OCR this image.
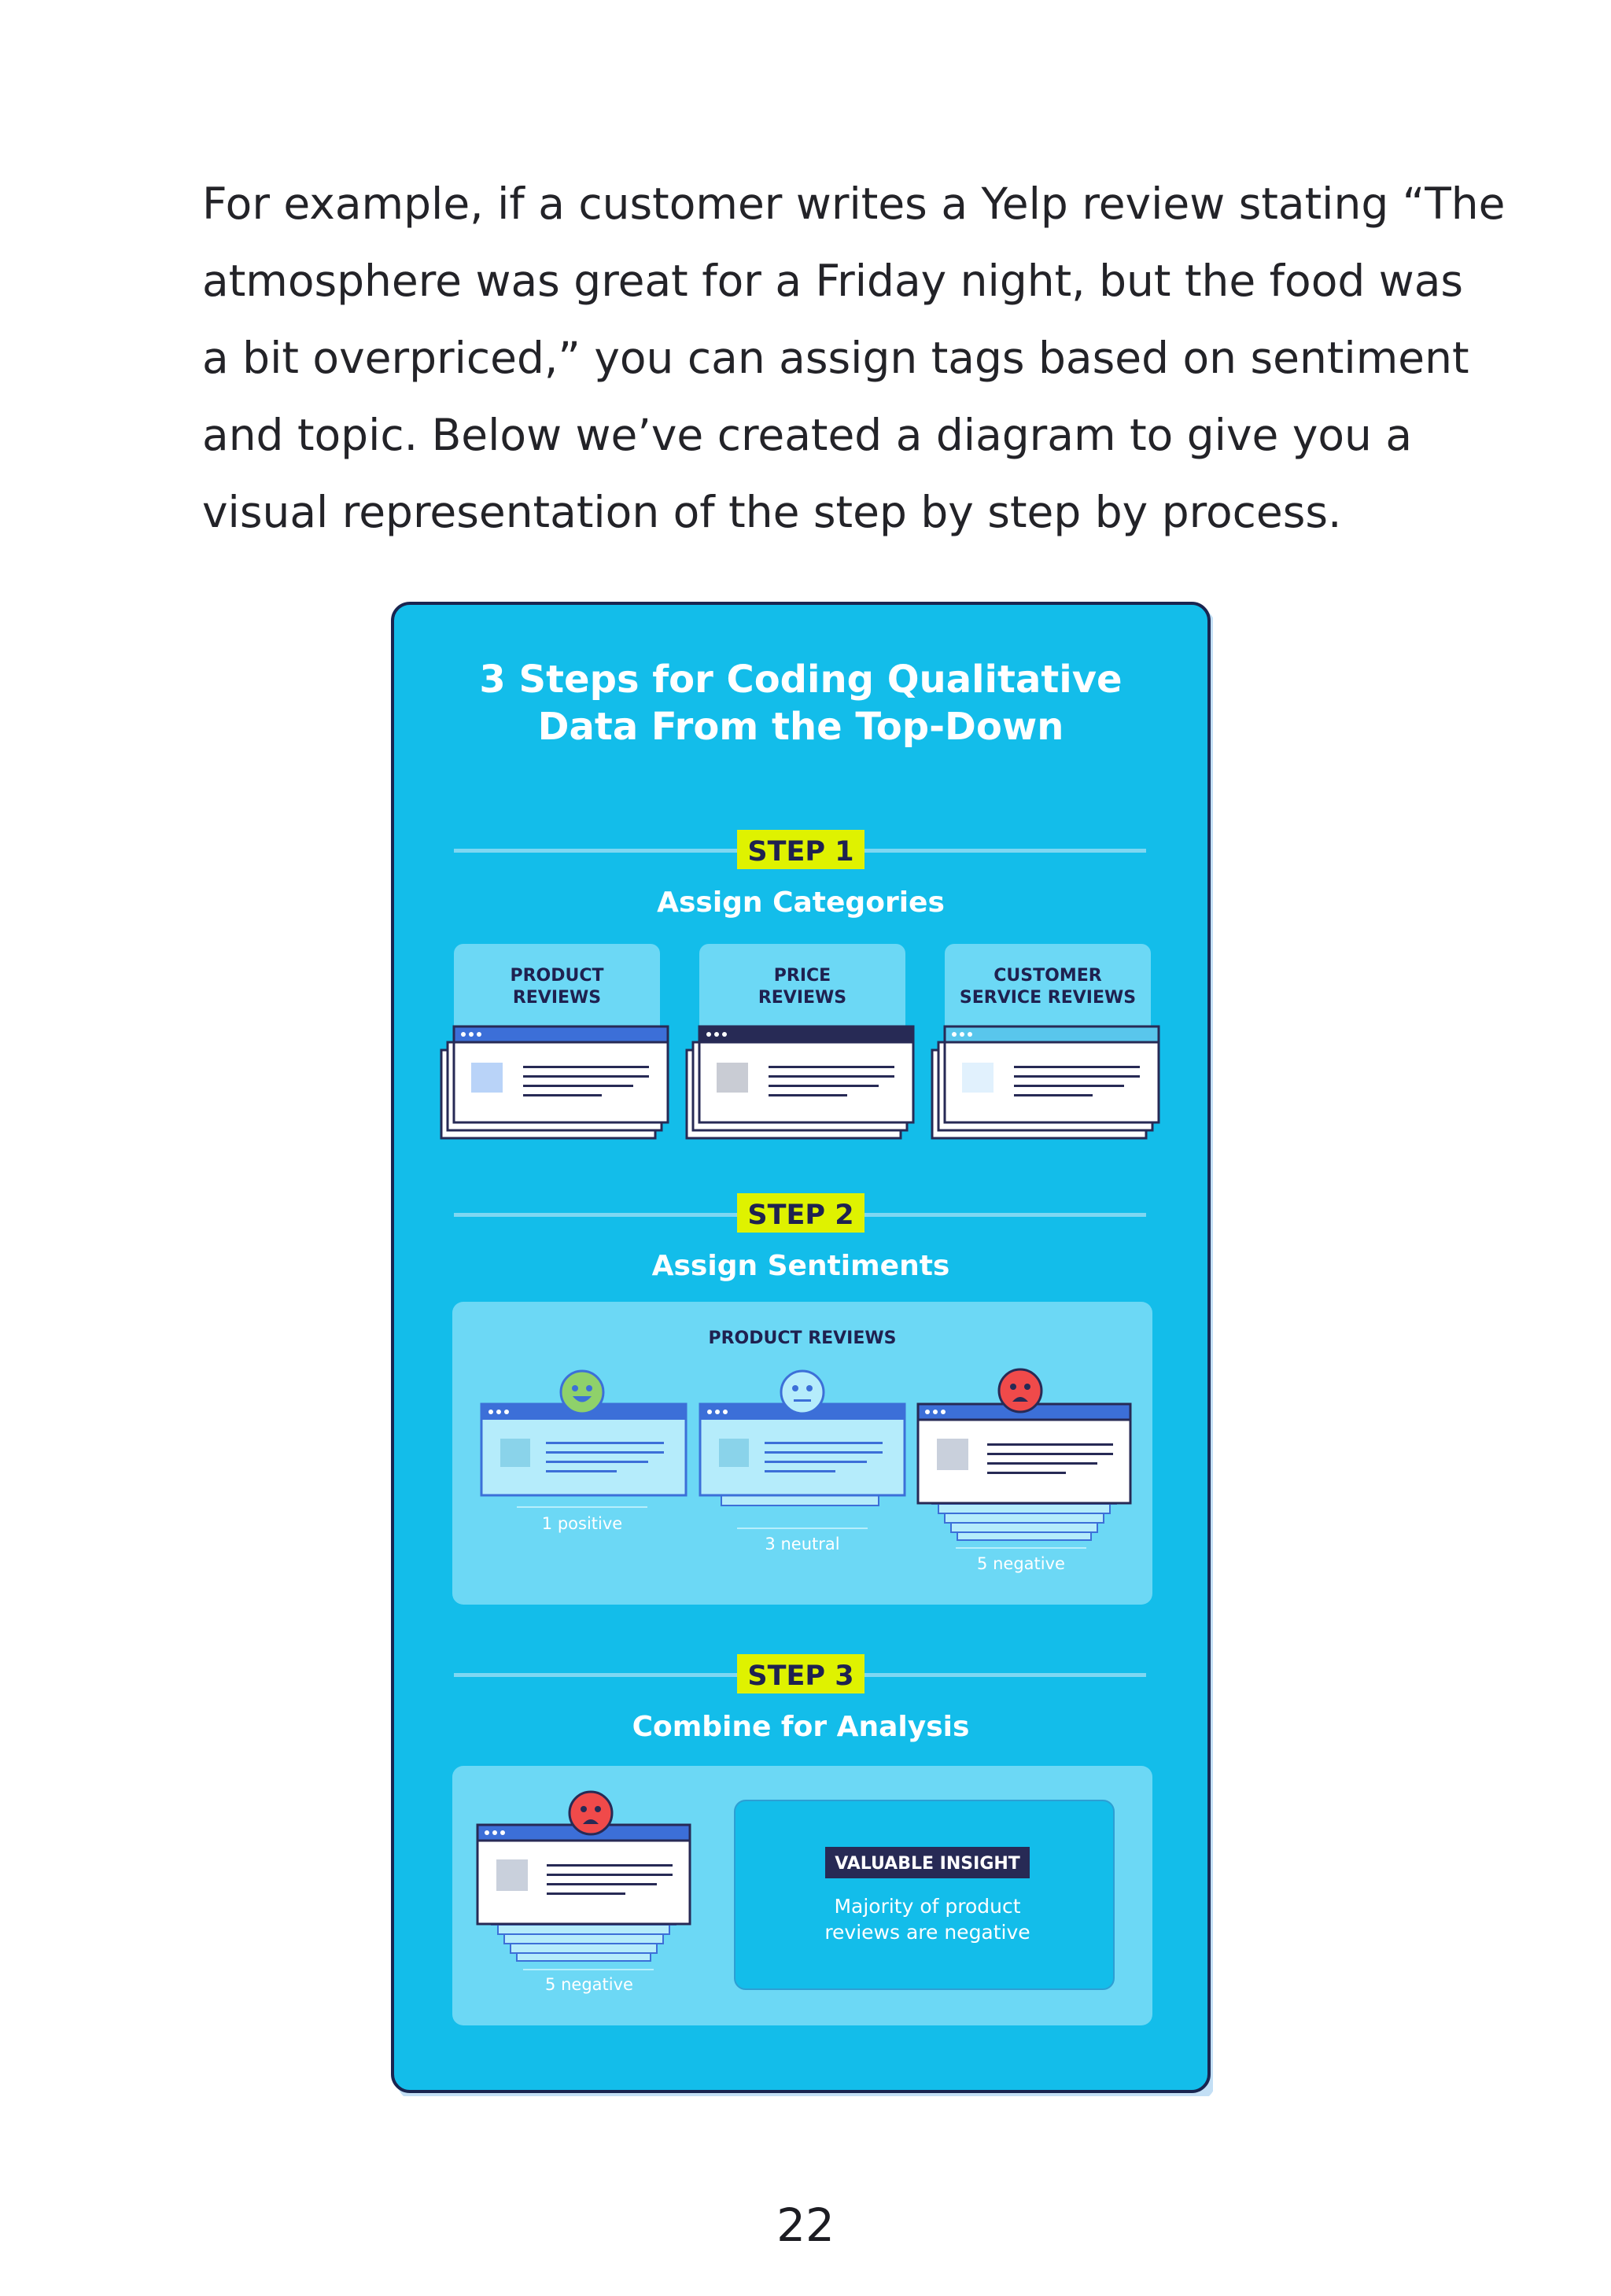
For example, if a customer writes a Yelp review stating “The
atmosphere was great for a Friday night, but the food was
a bit overpriced,” you can assign tags based on sentiment
and topic. Below we’ve created a diagram to give you a
visual representation of the step by step by process.

3 Steps for Coding Qualitative
Data From the Top-Down
STEP 1
Assign Categories
PRODUCT
REVIEWS
PRICE
REVIEWS
CUSTOMER
SERVICE REVIEWS
STEP 2
Assign Sentiments
PRODUCT REVIEWS
1 positive
3 neutral
5 negative
STEP 3
Combine for Analysis
5 negative
VALUABLE INSIGHT
Majority of product
reviews are negative
22
